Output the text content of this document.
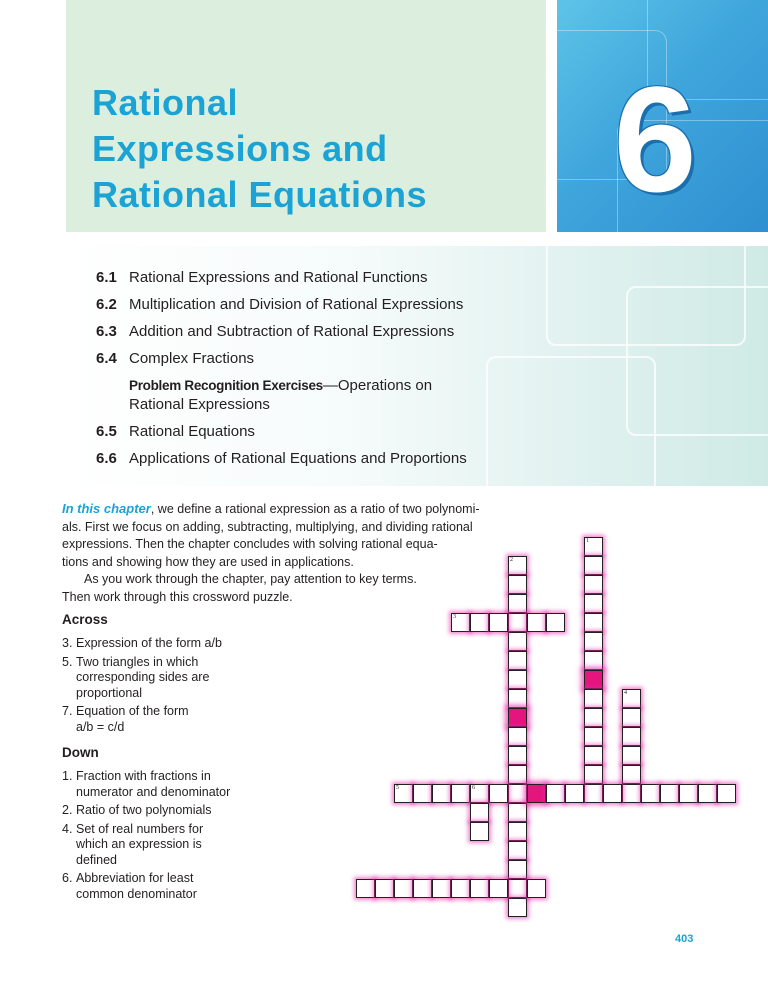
Rational
Expressions and
Rational Equations	6
6.1 Rational Expressions and Rational Functions
6.2 Multiplication and Division of Rational Expressions
6.3 Addition and Subtraction of Rational Expressions
6.4 Complex Fractions
Problem Recognition Exercises—Operations on
Rational Expressions
6.5 Rational Equations
6.6 Applications of Rational Equations and Proportions

In this chapter, we define a rational expression as a ratio of two polynomi-

als. First we focus on adding, subtracting, multiplying, and dividing rational

expressions. Then the chapter concludes with solving rational equa-

tions and showing how they are used in applications.

As you work through the chapter, pay attention to key terms.

Then work through this crossword puzzle.

Across
3. Expression of the form a/b
5. Two triangles in which
corresponding sides are
proportional
7. Equation of the form
a/b = c/d
Down
1. Fraction with fractions in
numerator and denominator
2. Ratio of two polynomials
4. Set of real numbers for
which an expression is
defined
6. Abbreviation for least
common denominator
1
2
3
4
5	6
403
